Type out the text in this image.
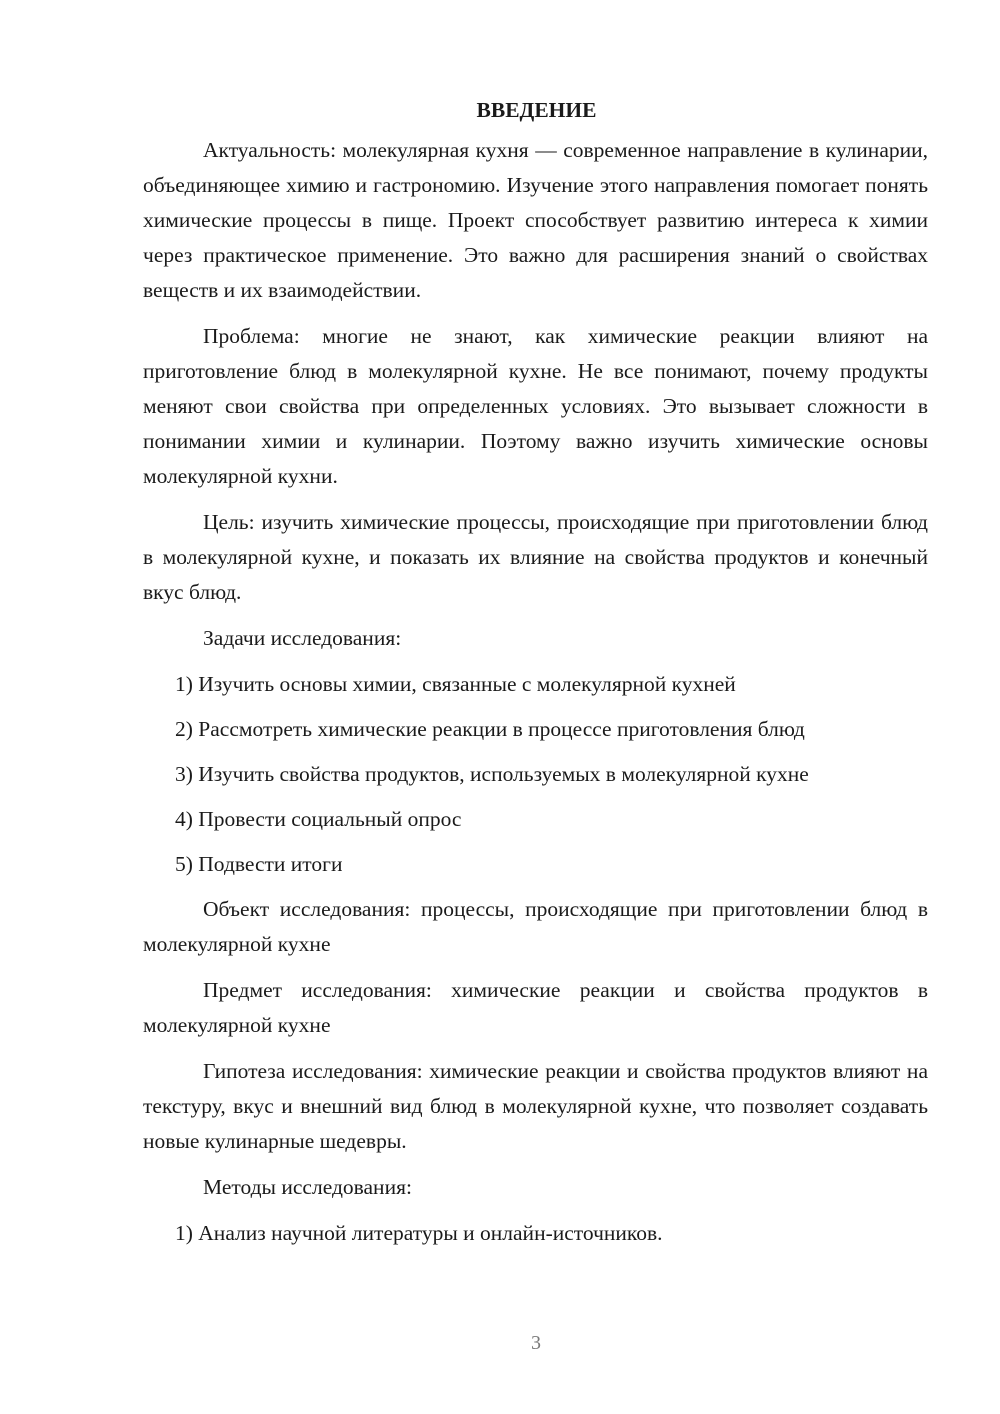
ВВЕДЕНИЕ

Актуальность: молекулярная кухня — современное направление в кулинарии, объединяющее химию и гастрономию. Изучение этого направления помогает понять химические процессы в пище. Проект способствует развитию интереса к химии через практическое применение. Это важно для расширения знаний о свойствах веществ и их взаимодействии.

Проблема: многие не знают, как химические реакции влияют на приготовление блюд в молекулярной кухне. Не все понимают, почему продукты меняют свои свойства при определенных условиях. Это вызывает сложности в понимании химии и кулинарии. Поэтому важно изучить химические основы молекулярной кухни.

Цель: изучить химические процессы, происходящие при приготовлении блюд в молекулярной кухне, и показать их влияние на свойства продуктов и конечный вкус блюд.

Задачи исследования:

1) Изучить основы химии, связанные с молекулярной кухней
2) Рассмотреть химические реакции в процессе приготовления блюд
3) Изучить свойства продуктов, используемых в молекулярной кухне
4) Провести социальный опрос
5) Подвести итоги

Объект исследования: процессы, происходящие при приготовлении блюд в молекулярной кухне

Предмет исследования: химические реакции и свойства продуктов в молекулярной кухне

Гипотеза исследования: химические реакции и свойства продуктов влияют на текстуру, вкус и внешний вид блюд в молекулярной кухне, что позволяет создавать новые кулинарные шедевры.

Методы исследования:

1) Анализ научной литературы и онлайн-источников.
3
